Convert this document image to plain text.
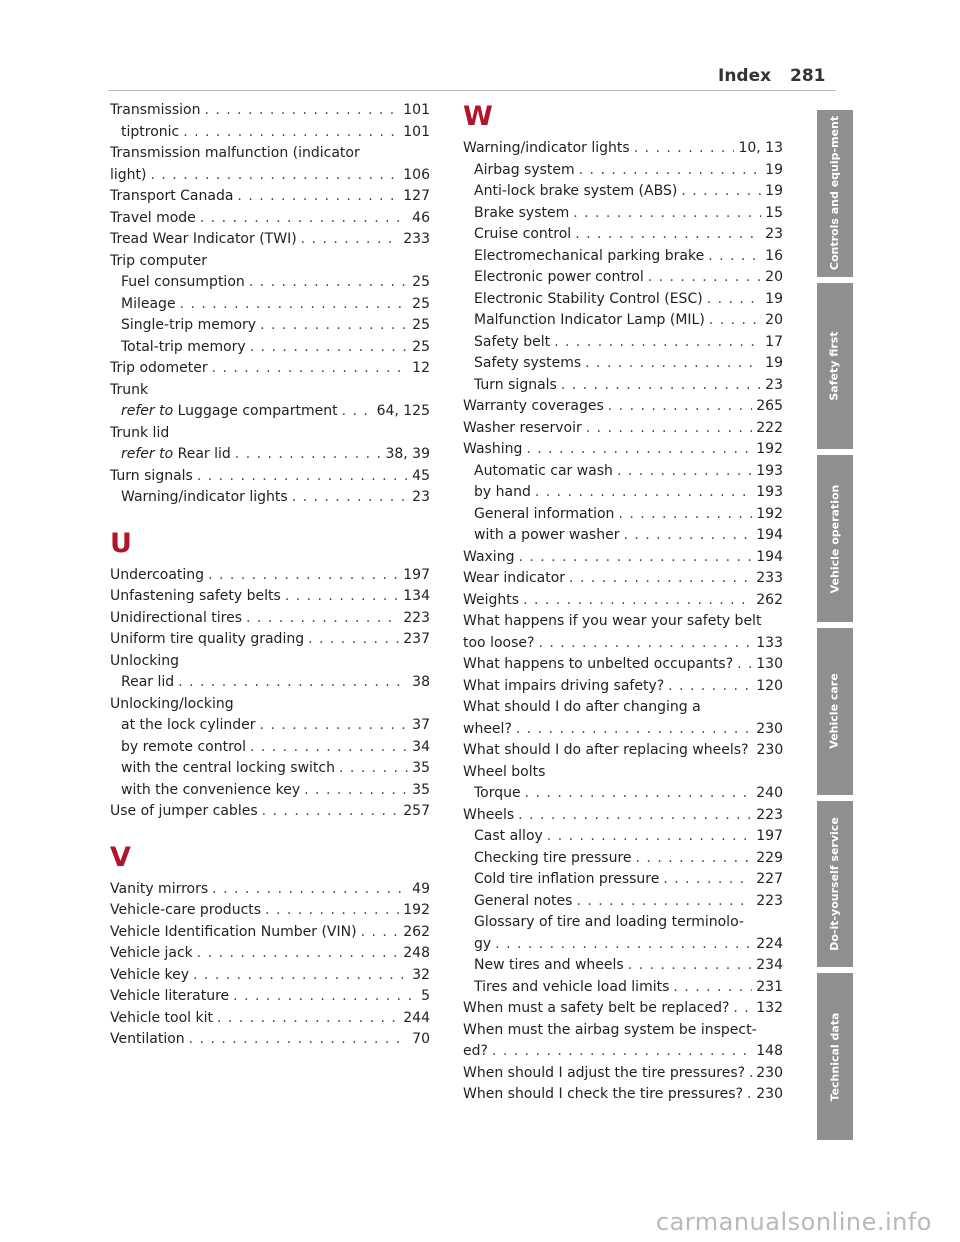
Index 281
Transmission . . .	101
tiptronic . . .	101
Transmission malfunction (indicator
light) . . .	106
Transport Canada . . .	127
Travel mode . . .	46
Tread Wear Indicator (TWI) . . .	233
Trip computer
Fuel consumption . . .	25
Mileage . . .	25
Single-trip memory . . .	25
Total-trip memory . . .	25
Trip odometer . . .	12
Trunk
refer to Luggage compartment . . .	64, 125
Trunk lid
refer to Rear lid . . .	38, 39
Turn signals . . .	45
Warning/indicator lights . . .	23
U
Undercoating . . .	197
Unfastening safety belts . . .	134
Unidirectional tires . . .	223
Uniform tire quality grading . . .	237
Unlocking
Rear lid . . .	38
Unlocking/locking
at the lock cylinder . . .	37
by remote control . . .	34
with the central locking switch . . .	35
with the convenience key . . .	35
Use of jumper cables . . .	257
V
Vanity mirrors . . .	49
Vehicle-care products . . .	192
Vehicle Identification Number (VIN) . . .	262
Vehicle jack . . .	248
Vehicle key . . .	32
Vehicle literature . . .	5
Vehicle tool kit . . .	244
Ventilation . . .	70
W
Warning/indicator lights . . .	10, 13
Airbag system . . .	19
Anti-lock brake system (ABS) . . .	19
Brake system . . .	15
Cruise control . . .	23
Electromechanical parking brake . . .	16
Electronic power control . . .	20
Electronic Stability Control (ESC) . . .	19
Malfunction Indicator Lamp (MIL) . . .	20
Safety belt . . .	17
Safety systems . . .	19
Turn signals . . .	23
Warranty coverages . . .	265
Washer reservoir . . .	222
Washing . . .	192
Automatic car wash . . .	193
by hand . . .	193
General information . . .	192
with a power washer . . .	194
Waxing . . .	194
Wear indicator . . .	233
Weights . . .	262
What happens if you wear your safety belt
too loose? . . .	133
What happens to unbelted occupants? . . . 130
What impairs driving safety? . . .	120
What should I do after changing a
wheel? . . .	230
What should I do after replacing wheels? 230
Wheel bolts
Torque . . .	240
Wheels . . .	223
Cast alloy . . .	197
Checking tire pressure . . .	229
Cold tire inflation pressure . . .	227
General notes . . .	223
Glossary of tire and loading terminolo-
gy . . .	224
New tires and wheels . . .	234
Tires and vehicle load limits . . .	231
When must a safety belt be replaced? . . . 132
When must the airbag system be inspect-
ed? . . .	148
When should I adjust the tire pressures? . . . 230
When should I check the tire pressures? . . . 230
Controls and equip-ment
Safety first
Vehicle operation
Vehicle care
Do-it-yourself service
Technical data
carmanualsonline.info
